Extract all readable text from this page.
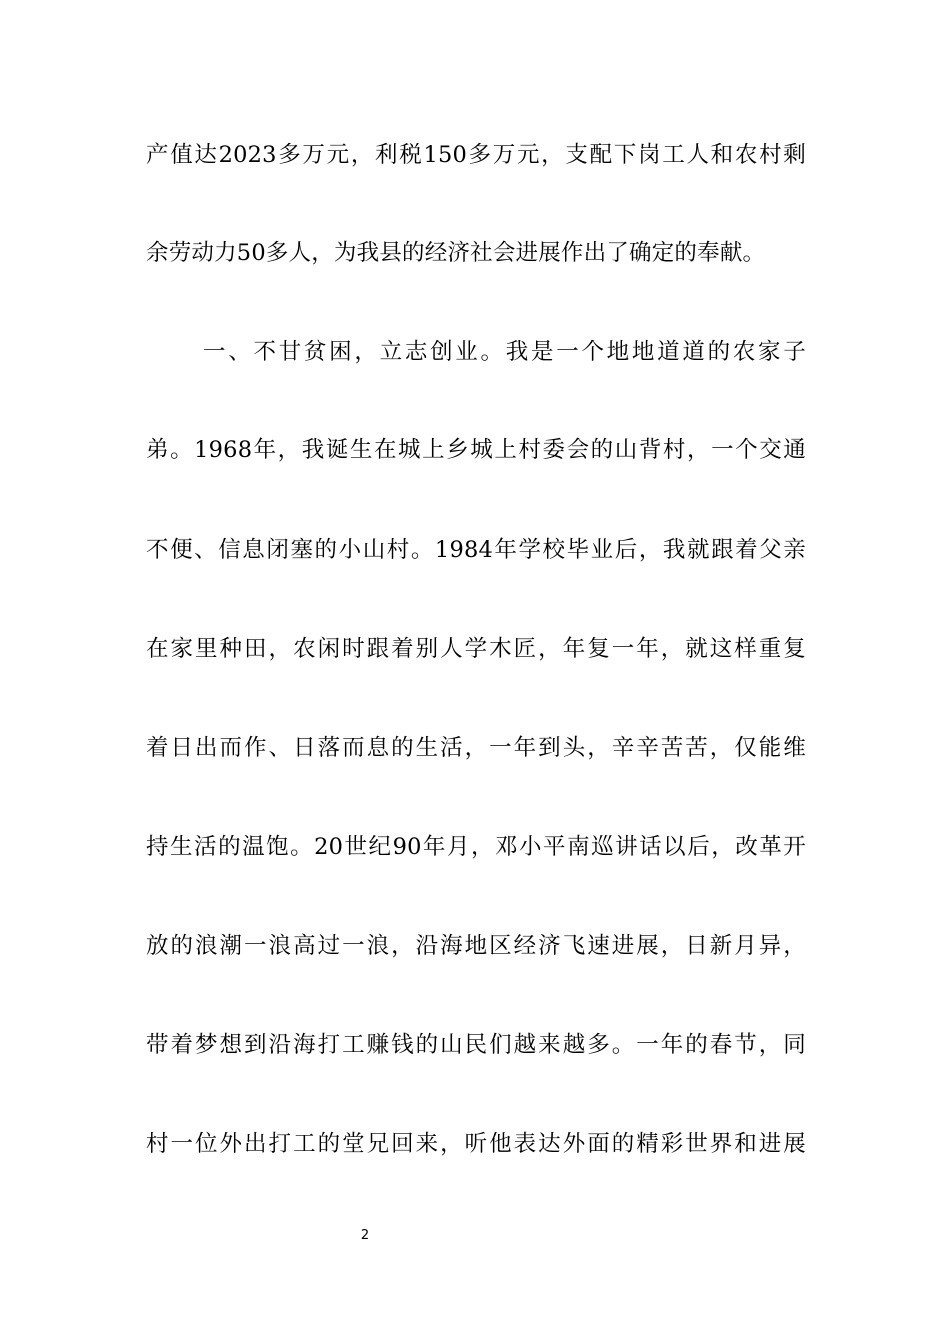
产值达2023多万元，利税150多万元，支配下岗工人和农村剩
余劳动力50多人，为我县的经济社会进展作出了确定的奉献。
一、不甘贫困，立志创业。我是一个地地道道的农家子
弟。1968年，我诞生在城上乡城上村委会的山背村，一个交通
不便、信息闭塞的小山村。1984年学校毕业后，我就跟着父亲
在家里种田，农闲时跟着别人学木匠，年复一年，就这样重复
着日出而作、日落而息的生活，一年到头，辛辛苦苦，仅能维
持生活的温饱。20世纪90年月，邓小平南巡讲话以后，改革开
放的浪潮一浪高过一浪，沿海地区经济飞速进展，日新月异，
带着梦想到沿海打工赚钱的山民们越来越多。一年的春节，同
村一位外出打工的堂兄回来，听他表达外面的精彩世界和进展
2
